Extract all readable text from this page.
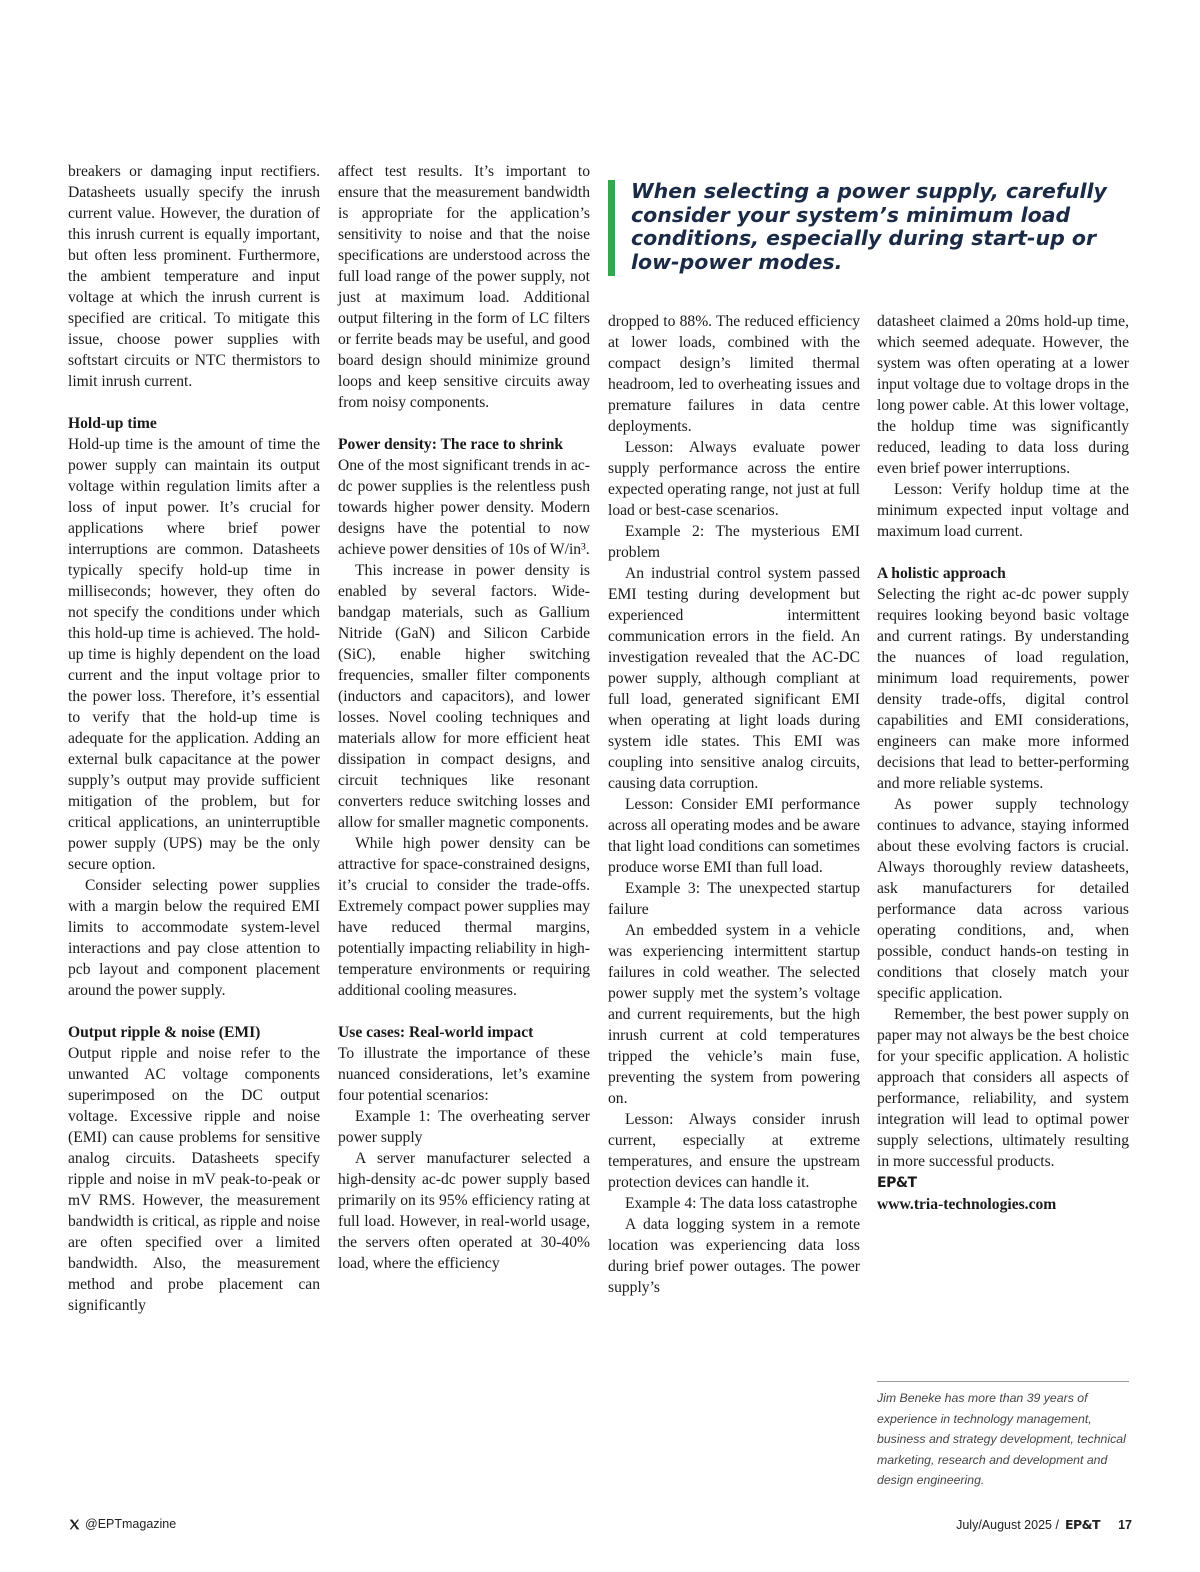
When selecting a power supply, carefully
consider your system’s minimum load
conditions, especially during start-up or
low-power modes.

breakers or damaging input rectifiers. Datasheets usually specify the inrush current value. However, the duration of this inrush current is equally important, but often less prominent. Furthermore, the ambient temperature and input voltage at which the inrush current is specified are critical. To mitigate this issue, choose power supplies with softstart circuits or NTC thermistors to limit inrush current.

Hold-up time

Hold-up time is the amount of time the power supply can maintain its output voltage within regulation limits after a loss of input power. It’s crucial for applications where brief power interruptions are common. Datasheets typically specify hold-up time in milliseconds; however, they often do not specify the conditions under which this hold-up time is achieved. The hold-up time is highly dependent on the load current and the input voltage prior to the power loss. Therefore, it’s essential to verify that the hold-up time is adequate for the application. Adding an external bulk capacitance at the power supply’s output may provide sufficient mitigation of the problem, but for critical applications, an uninterruptible power supply (UPS) may be the only secure option.

Consider selecting power supplies with a margin below the required EMI limits to accommodate system-level interactions and pay close attention to pcb layout and component placement around the power supply.

Output ripple & noise (EMI)

Output ripple and noise refer to the unwanted AC voltage components superimposed on the DC output voltage. Excessive ripple and noise (EMI) can cause problems for sensitive analog circuits. Datasheets specify ripple and noise in mV peak-to-peak or mV RMS. However, the measurement bandwidth is critical, as ripple and noise are often specified over a limited bandwidth. Also, the measurement method and probe placement can significantly

affect test results. It’s important to ensure that the measurement bandwidth is appropriate for the application’s sensitivity to noise and that the noise specifications are understood across the full load range of the power supply, not just at maximum load. Additional output filtering in the form of LC filters or ferrite beads may be useful, and good board design should minimize ground loops and keep sensitive circuits away from noisy components.

Power density: The race to shrink

One of the most significant trends in ac-dc power supplies is the relentless push towards higher power density. Modern designs have the potential to now achieve power densities of 10s of W/in³.

This increase in power density is enabled by several factors. Wide-bandgap materials, such as Gallium Nitride (GaN) and Silicon Carbide (SiC), enable higher switching frequencies, smaller filter components (inductors and capacitors), and lower losses. Novel cooling techniques and materials allow for more efficient heat dissipation in compact designs, and circuit techniques like resonant converters reduce switching losses and allow for smaller magnetic components.

While high power density can be attractive for space-constrained designs, it’s crucial to consider the trade-offs. Extremely compact power supplies may have reduced thermal margins, potentially impacting reliability in high-temperature environments or requiring additional cooling measures.

Use cases: Real-world impact

To illustrate the importance of these nuanced considerations, let’s examine four potential scenarios:

Example 1: The overheating server power supply

A server manufacturer selected a high-density ac-dc power supply based primarily on its 95% efficiency rating at full load. However, in real-world usage, the servers often operated at 30-40% load, where the efficiency

dropped to 88%. The reduced efficiency at lower loads, combined with the compact design’s limited thermal headroom, led to overheating issues and premature failures in data centre deployments.

Lesson: Always evaluate power supply performance across the entire expected operating range, not just at full load or best-case scenarios.

Example 2: The mysterious EMI problem

An industrial control system passed EMI testing during development but experienced intermittent communication errors in the field. An investigation revealed that the AC-DC power supply, although compliant at full load, generated significant EMI when operating at light loads during system idle states. This EMI was coupling into sensitive analog circuits, causing data corruption.

Lesson: Consider EMI performance across all operating modes and be aware that light load conditions can sometimes produce worse EMI than full load.

Example 3: The unexpected startup failure

An embedded system in a vehicle was experiencing intermittent startup failures in cold weather. The selected power supply met the system’s voltage and current requirements, but the high inrush current at cold temperatures tripped the vehicle’s main fuse, preventing the system from powering on.

Lesson: Always consider inrush current, especially at extreme temperatures, and ensure the upstream protection devices can handle it.

Example 4: The data loss catastrophe

A data logging system in a remote location was experiencing data loss during brief power outages. The power supply’s

datasheet claimed a 20ms hold-up time, which seemed adequate. However, the system was often operating at a lower input voltage due to voltage drops in the long power cable. At this lower voltage, the holdup time was significantly reduced, leading to data loss during even brief power interruptions.

Lesson: Verify holdup time at the minimum expected input voltage and maximum load current.

A holistic approach

Selecting the right ac-dc power supply requires looking beyond basic voltage and current ratings. By understanding the nuances of load regulation, minimum load requirements, power density trade-offs, digital control capabilities and EMI considerations, engineers can make more informed decisions that lead to better-performing and more reliable systems.

As power supply technology continues to advance, staying informed about these evolving factors is crucial. Always thoroughly review datasheets, ask manufacturers for detailed performance data across various operating conditions, and, when possible, conduct hands-on testing in conditions that closely match your specific application.

Remember, the best power supply on paper may not always be the best choice for your specific application. A holistic approach that considers all aspects of performance, reliability, and system integration will lead to optimal power supply selections, ultimately resulting in more successful products.

EP&T

www.tria-technologies.com

Jim Beneke has more than 39 years of experience in technology management, business and strategy development, technical marketing, research and development and design engineering.
@EPTmagazine	July/August 2025 / EP&T 17
